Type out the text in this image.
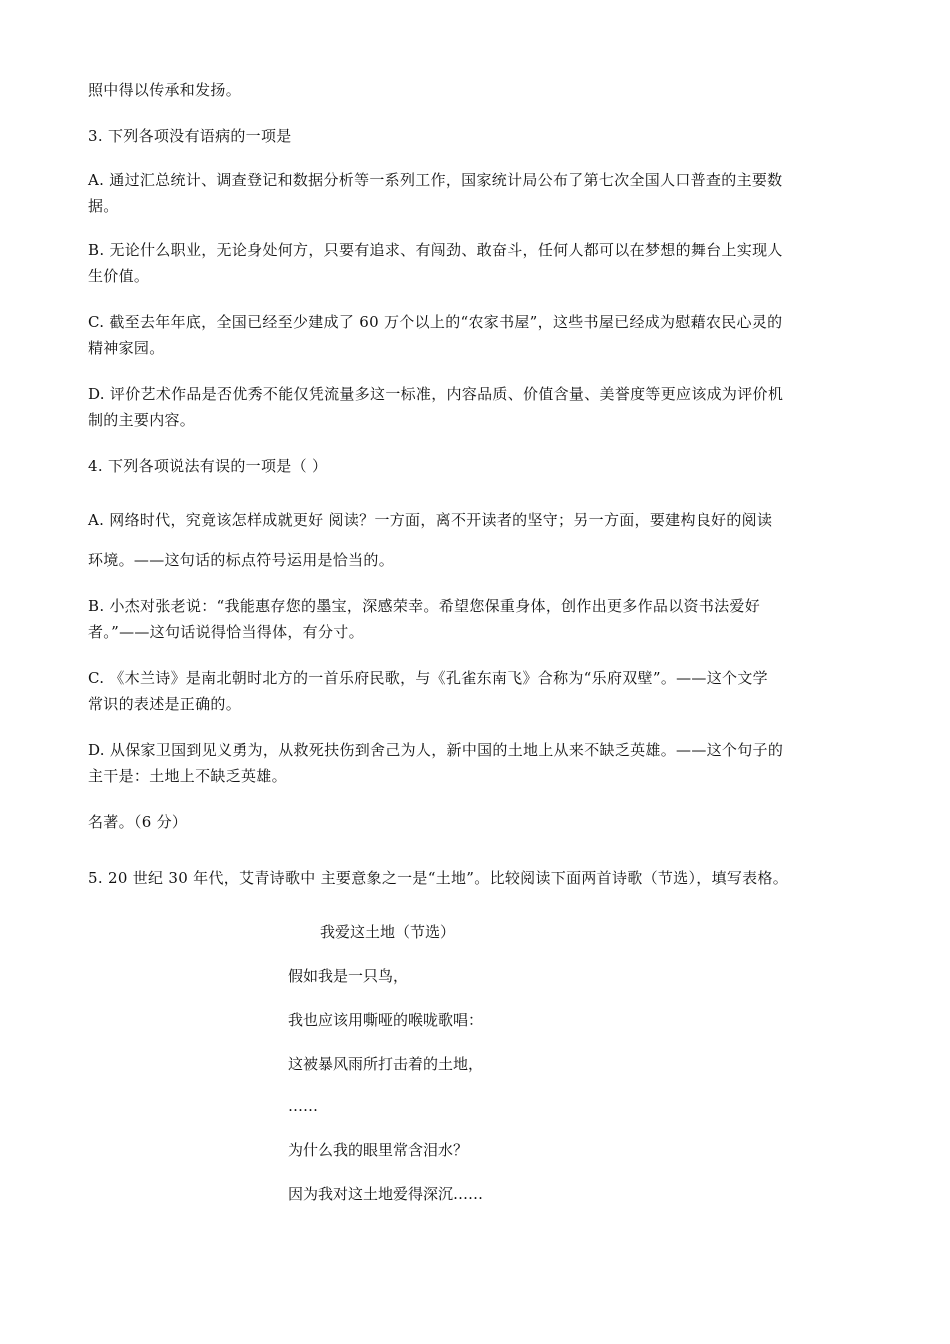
照中得以传承和发扬。
3. 下列各项没有语病的一项是
A. 通过汇总统计、调查登记和数据分析等一系列工作，国家统计局公布了第七次全国人口普查的主要数
据。
B. 无论什么职业，无论身处何方，只要有追求、有闯劲、敢奋斗，任何人都可以在梦想的舞台上实现人
生价值。
C. 截至去年年底，全国已经至少建成了 60 万个以上的“农家书屋”，这些书屋已经成为慰藉农民心灵的
精神家园。
D. 评价艺术作品是否优秀不能仅凭流量多这一标准，内容品质、价值含量、美誉度等更应该成为评价机
制的主要内容。
4. 下列各项说法有误的一项是（ ）
A. 网络时代，究竟该怎样成就更好 阅读？一方面，离不开读者的坚守；另一方面，要建构良好的阅读
环境。——这句话的标点符号运用是恰当的。
B. 小杰对张老说：“我能惠存您的墨宝，深感荣幸。希望您保重身体，创作出更多作品以资书法爱好
者。”——这句话说得恰当得体，有分寸。
C. 《木兰诗》是南北朝时北方的一首乐府民歌，与《孔雀东南飞》合称为“乐府双壁”。——这个文学
常识的表述是正确的。
D. 从保家卫国到见义勇为，从救死扶伤到舍己为人，新中国的土地上从来不缺乏英雄。——这个句子的
主干是：土地上不缺乏英雄。
名著。（6 分）
5. 20 世纪 30 年代，艾青诗歌中 主要意象之一是“土地”。比较阅读下面两首诗歌（节选），填写表格。
我爱这土地（节选）
假如我是一只鸟，
我也应该用嘶哑的喉咙歌唱：
这被暴风雨所打击着的土地，
……
为什么我的眼里常含泪水？
因为我对这土地爱得深沉……
